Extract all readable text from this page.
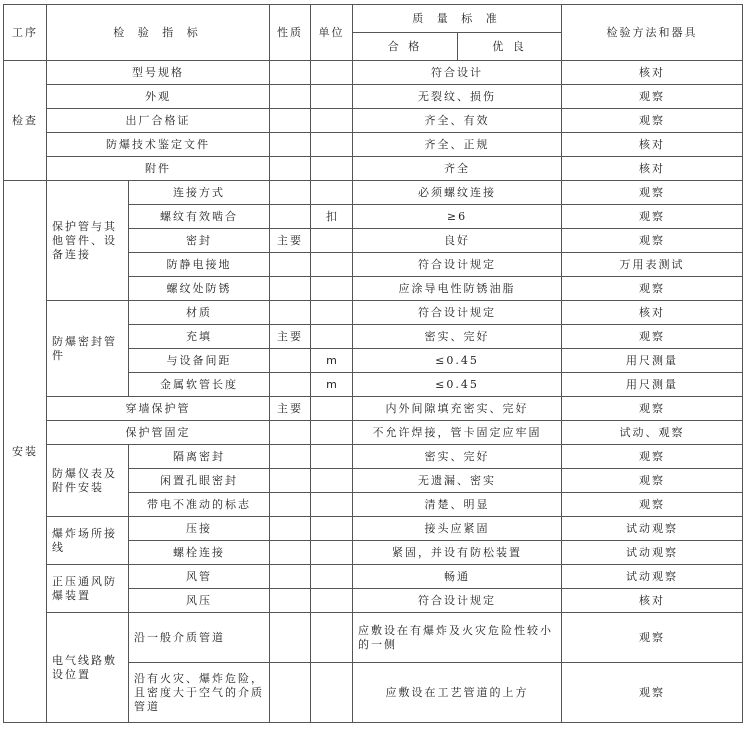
工序	检 验 指 标		性质	单位	质 量 标 准		检验方法和器具
					合 格	优 良	
检查	型号规格				符合设计		核对
	外观				无裂纹、损伤		观察
	出厂合格证				齐全、有效		观察
	防爆技术鉴定文件				齐全、正规		核对
	附件				齐全		核对
安装	保护管与其他管件、设备连接	连接方式			必须螺纹连接		观察
		螺纹有效啮合		扣	≥6		观察
		密封	主要		良好		观察
		防静电接地			符合设计规定		万用表测试
		螺纹处防锈			应涂导电性防锈油脂		观察
	防爆密封管件	材质			符合设计规定		核对
		充填	主要		密实、完好		观察
		与设备间距		m	≤0.45		用尺测量
		金属软管长度		m	≤0.45		用尺测量
	穿墙保护管		主要		内外间隙填充密实、完好		观察
	保护管固定				不允许焊接，管卡固定应牢固		试动、观察
	防爆仪表及附件安装	隔离密封			密实、完好		观察
		闲置孔眼密封			无遗漏、密实		观察
		带电不准动的标志			清楚、明显		观察
	爆炸场所接线	压接			接头应紧固		试动观察
		螺栓连接			紧固，并设有防松装置		试动观察
	正压通风防爆装置	风管			畅通		试动观察
		风压			符合设计规定		核对
	电气线路敷设位置	沿一般介质管道			应敷设在有爆炸及火灾危险性较小的一侧		观察
		沿有火灾、爆炸危险，且密度大于空气的介质管道			应敷设在工艺管道的上方		观察
